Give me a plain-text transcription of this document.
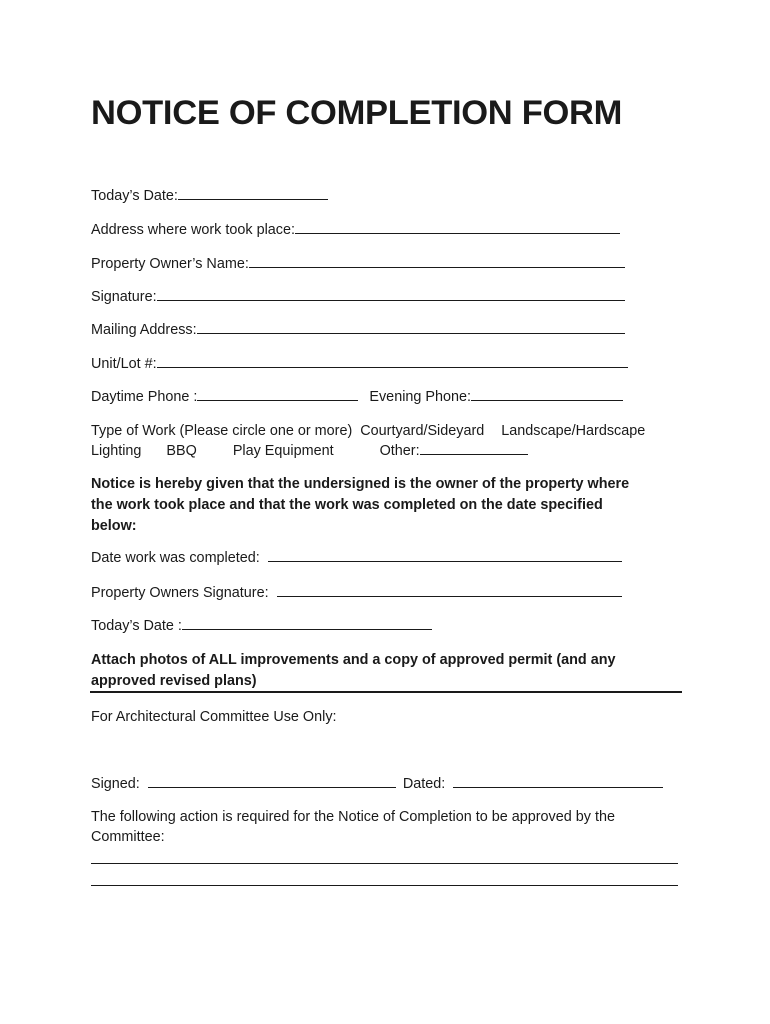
NOTICE OF COMPLETION FORM
Today’s Date:
Address where work took place:
Property Owner’s Name:
Signature:
Mailing Address:
Unit/Lot #:
Daytime Phone :	Evening Phone:
Type of Work (Please circle one or more) Courtyard/Sideyard Landscape/Hardscape
Lighting BBQ	Play Equipment	Other:
Notice is hereby given that the undersigned is the owner of the property where
the work took place and that the work was completed on the date specified
below:
Date work was completed:
Property Owners Signature:
Today’s Date :
Attach photos of ALL improvements and a copy of approved permit (and any
approved revised plans)
For Architectural Committee Use Only:
Signed:	Dated:
The following action is required for the Notice of Completion to be approved by the
Committee:
